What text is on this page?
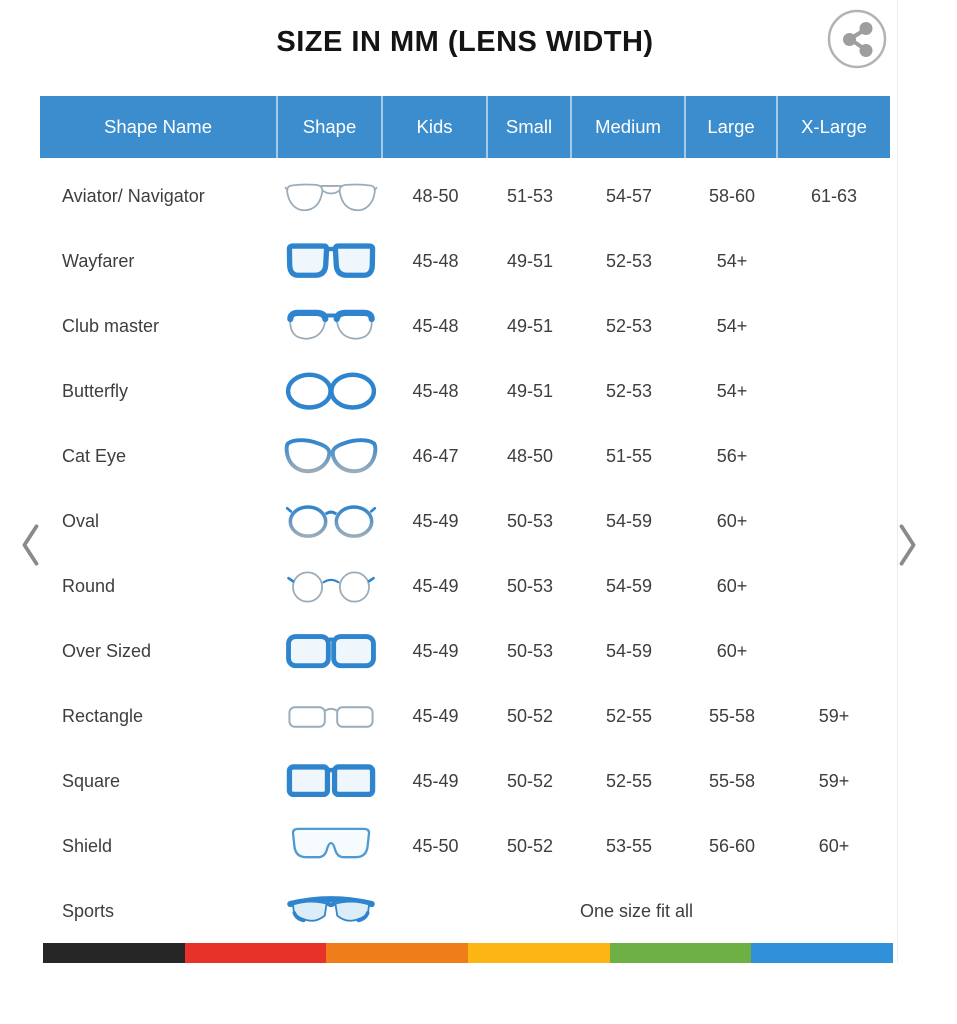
SIZE IN MM (LENS WIDTH)
Shape Name	Shape	Kids	Small	Medium	Large	X-Large
Aviator/ Navigator	48-50	51-53	54-57	58-60	61-63
Wayfarer	45-48	49-51	52-53	54+
Club master	45-48	49-51	52-53	54+
Butterfly	45-48	49-51	52-53	54+
Cat Eye	46-47	48-50	51-55	56+
Oval	45-49	50-53	54-59	60+
Round	45-49	50-53	54-59	60+
Over Sized	45-49	50-53	54-59	60+
Rectangle	45-49	50-52	52-55	55-58	59+
Square	45-49	50-52	52-55	55-58	59+
Shield	45-50	50-52	53-55	56-60	60+
Sports	One size fit all
